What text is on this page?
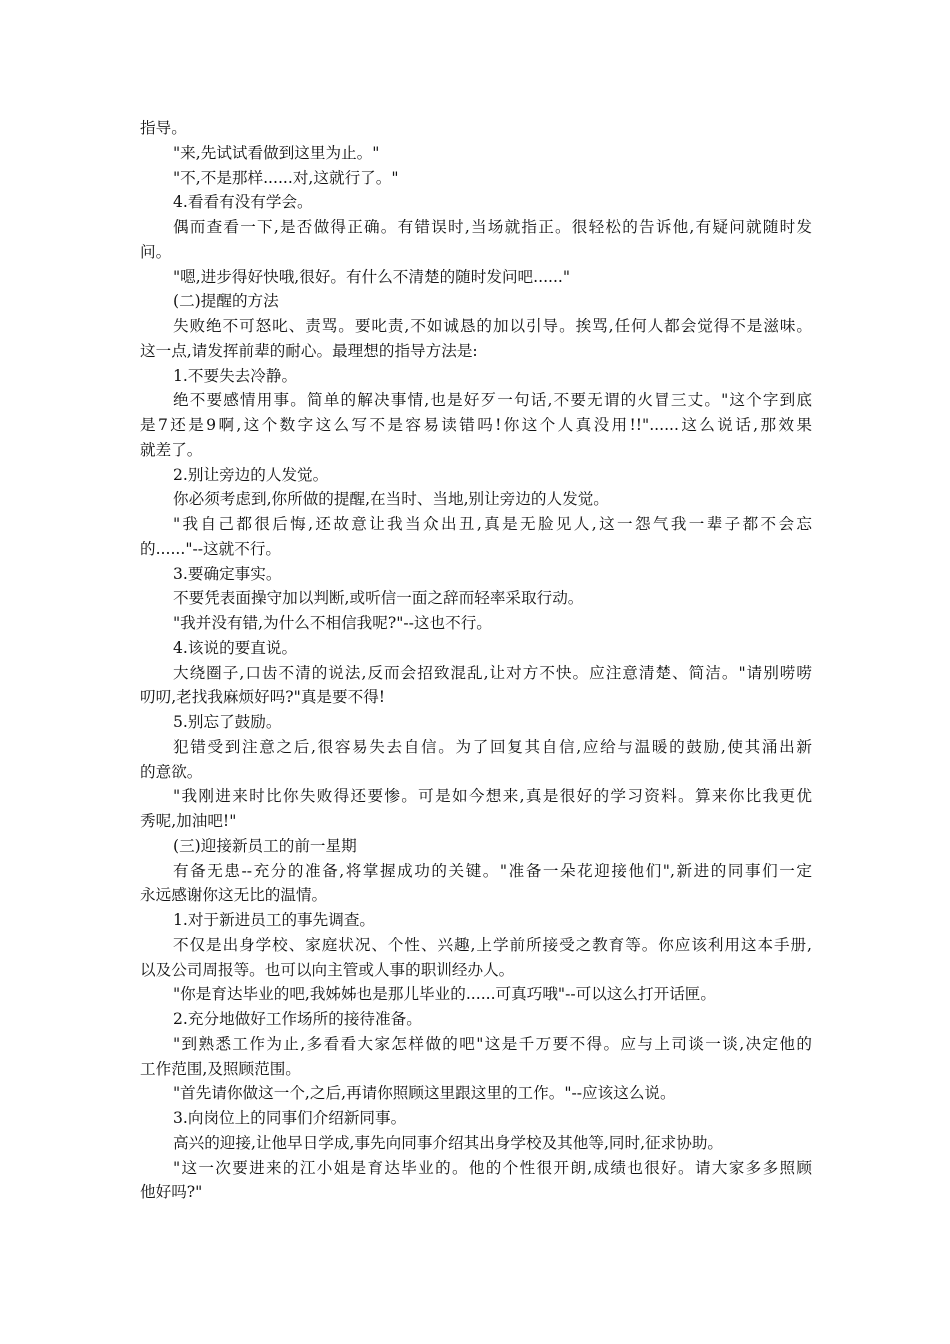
指导。
"来,先试试看做到这里为止。"
"不,不是那样......对,这就行了。"
4.看看有没有学会。
偶而查看一下,是否做得正确。有错误时,当场就指正。很轻松的告诉他,有疑问就随时发
问。
"嗯,进步得好快哦,很好。有什么不清楚的随时发问吧......"
(二)提醒的方法
失败绝不可怒叱、责骂。要叱责,不如诚恳的加以引导。挨骂,任何人都会觉得不是滋味。
这一点,请发挥前辈的耐心。最理想的指导方法是:
1.不要失去冷静。
绝不要感情用事。简单的解决事情,也是好歹一句话,不要无谓的火冒三丈。"这个字到底
是7还是9啊,这个数字这么写不是容易读错吗!你这个人真没用!!"......这么说话,那效果
就差了。
2.别让旁边的人发觉。
你必须考虑到,你所做的提醒,在当时、当地,别让旁边的人发觉。
"我自己都很后悔,还故意让我当众出丑,真是无脸见人,这一怨气我一辈子都不会忘
的......"--这就不行。
3.要确定事实。
不要凭表面操守加以判断,或听信一面之辞而轻率采取行动。
"我并没有错,为什么不相信我呢?"--这也不行。
4.该说的要直说。
大绕圈子,口齿不清的说法,反而会招致混乱,让对方不快。应注意清楚、简洁。"请别唠唠
叨叨,老找我麻烦好吗?"真是要不得!
5.别忘了鼓励。
犯错受到注意之后,很容易失去自信。为了回复其自信,应给与温暖的鼓励,使其涌出新
的意欲。
"我刚进来时比你失败得还要惨。可是如今想来,真是很好的学习资料。算来你比我更优
秀呢,加油吧!"
(三)迎接新员工的前一星期
有备无患--充分的准备,将掌握成功的关键。"准备一朵花迎接他们",新进的同事们一定
永远感谢你这无比的温情。
1.对于新进员工的事先调查。
不仅是出身学校、家庭状况、个性、兴趣,上学前所接受之教育等。你应该利用这本手册,
以及公司周报等。也可以向主管或人事的职训经办人。
"你是育达毕业的吧,我姊姊也是那儿毕业的......可真巧哦"--可以这么打开话匣。
2.充分地做好工作场所的接待准备。
"到熟悉工作为止,多看看大家怎样做的吧"这是千万要不得。应与上司谈一谈,决定他的
工作范围,及照顾范围。
"首先请你做这一个,之后,再请你照顾这里跟这里的工作。"--应该这么说。
3.向岗位上的同事们介绍新同事。
高兴的迎接,让他早日学成,事先向同事介绍其出身学校及其他等,同时,征求协助。
"这一次要进来的江小姐是育达毕业的。他的个性很开朗,成绩也很好。请大家多多照顾
他好吗?"
